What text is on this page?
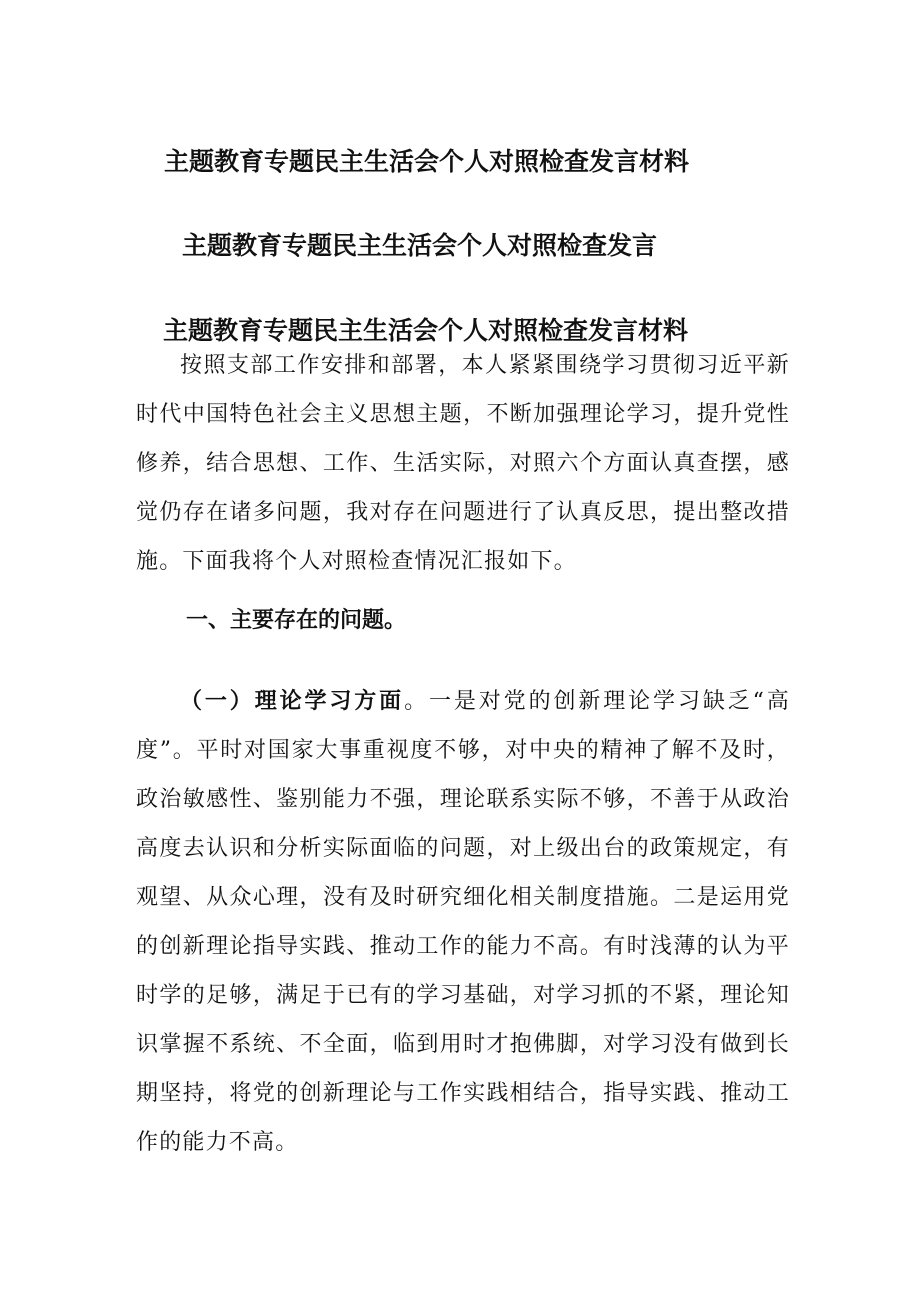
主题教育专题民主生活会个人对照检查发言材料
主题教育专题民主生活会个人对照检查发言
主题教育专题民主生活会个人对照检查发言材料

按照支部工作安排和部署，本人紧紧围绕学习贯彻习近平新时代中国特色社会主义思想主题，不断加强理论学习，提升党性修养，结合思想、工作、生活实际，对照六个方面认真查摆，感觉仍存在诸多问题，我对存在问题进行了认真反思，提出整改措施。下面我将个人对照检查情况汇报如下。

一、主要存在的问题。

（一）理论学习方面。一是对党的创新理论学习缺乏“高度”。平时对国家大事重视度不够，对中央的精神了解不及时，政治敏感性、鉴别能力不强，理论联系实际不够，不善于从政治高度去认识和分析实际面临的问题，对上级出台的政策规定，有观望、从众心理，没有及时研究细化相关制度措施。二是运用党的创新理论指导实践、推动工作的能力不高。有时浅薄的认为平时学的足够，满足于已有的学习基础，对学习抓的不紧，理论知识掌握不系统、不全面，临到用时才抱佛脚，对学习没有做到长期坚持，将党的创新理论与工作实践相结合，指导实践、推动工作的能力不高。
